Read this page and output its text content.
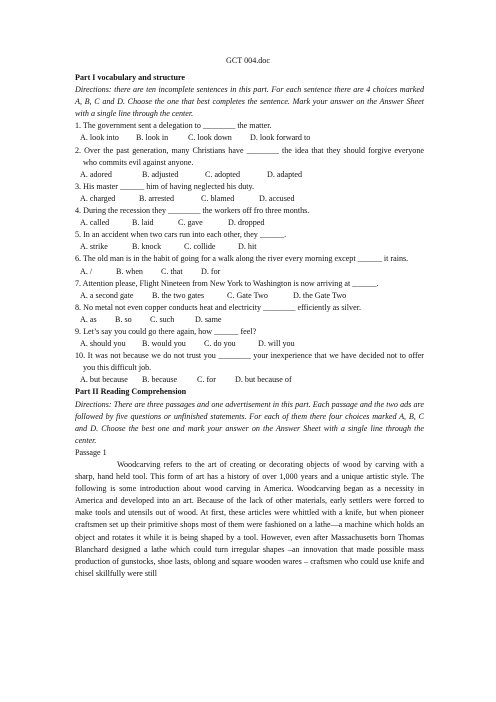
GCT 004.doc
Part I vocabulary and structure
Directions: there are ten incomplete sentences in this part. For each sentence there are 4 choices marked A, B, C and D. Choose the one that best completes the sentence. Mark your answer on the Answer Sheet with a single line through the center.
1. The government sent a delegation to ________ the matter.
A. look into B. look in C. look down D. look forward to
2. Over the past generation, many Christians have ________ the idea that they should forgive everyone who commits evil against anyone.
A. adored	B. adjusted	C. adopted	D. adapted
3. His master ______ him of having neglected his duty.
A. charged	B. arrested	C. blamed	D. accused
4. During the recession they ________ the workers off fro three months.
A. called	B. laid	C. gave	D. dropped
5. In an accident when two cars run into each other, they ______.
A. strike	B. knock	C. collide	D. hit
6. The old man is in the habit of going for a walk along the river every morning except ______ it rains.
A. /	B. when C. that D. for
7. Attention please, Flight Nineteen from New York to Washington is now arriving at ______.
A. a second gate B. the two gates	C. Gate Two	D. the Gate Two
8. No metal not even copper conducts heat and electricity ________ efficiently as silver.
A. as B. so C. such	D. same
9. Let’s say you could go there again, how ______ feel?
A. should you B. would you C. do you	D. will you
10. It was not because we do not trust you ________ your inexperience that we have decided not to offer you this difficult job.
A. but because B. because C. for D. but because of
Part II Reading Comprehension
Directions: There are three passages and one advertisement in this part. Each passage and the two ads are followed by five questions or unfinished statements. For each of them there four choices marked A, B, C and D. Choose the best one and mark your answer on the Answer Sheet with a single line through the center.
Passage 1
Woodcarving refers to the art of creating or decorating objects of wood by carving with a sharp, hand held tool. This form of art has a history of over 1,000 years and a unique artistic style. The following is some introduction about wood carving in America. Woodcarving began as a necessity in America and developed into an art. Because of the lack of other materials, early settlers were forced to make tools and utensils out of wood. At first, these articles were whittled with a knife, but when pioneer craftsmen set up their primitive shops most of them were fashioned on a lathe—a machine which holds an object and rotates it while it is being shaped by a tool. However, even after Massachusetts born Thomas Blanchard designed a lathe which could turn irregular shapes –an innovation that made possible mass production of gunstocks, shoe lasts, oblong and square wooden wares – craftsmen who could use knife and chisel skillfully were still
